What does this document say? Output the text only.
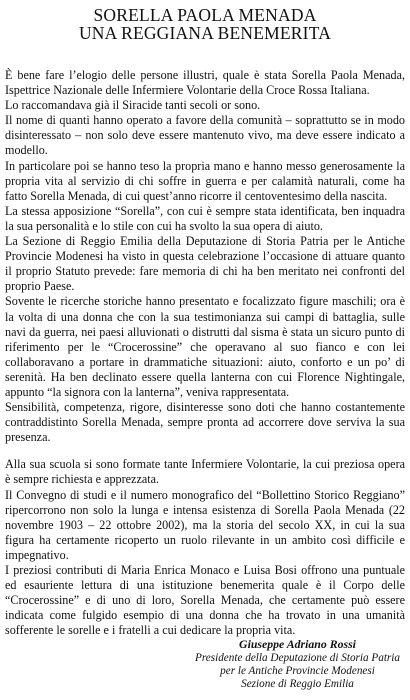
SORELLA PAOLA MENADA
UNA REGGIANA BENEMERITA

È bene fare l’elogio delle persone illustri, quale è stata Sorella Paola Menada, Ispettrice Nazionale delle Infermiere Volontarie della Croce Rossa Italiana.

Lo raccomandava già il Siracide tanti secoli or sono.

Il nome di quanti hanno operato a favore della comunità – soprattutto se in modo disinteressato – non solo deve essere mantenuto vivo, ma deve essere indicato a modello.

In particolare poi se hanno teso la propria mano e hanno messo generosamente la propria vita al servizio di chi soffre in guerra e per calamità naturali, come ha fatto Sorella Menada, di cui quest’anno ricorre il centoventesimo della nascita.

La stessa apposizione “Sorella”, con cui è sempre stata identificata, ben inquadra la sua personalità e lo stile con cui ha svolto la sua opera di aiuto.

La Sezione di Reggio Emilia della Deputazione di Storia Patria per le Antiche Provincie Modenesi ha visto in questa celebrazione l’occasione di attuare quanto il proprio Statuto prevede: fare memoria di chi ha ben meritato nei confronti del proprio Paese.

Sovente le ricerche storiche hanno presentato e focalizzato figure maschili; ora è la volta di una donna che con la sua testimonianza sui campi di battaglia, sulle navi da guerra, nei paesi alluvionati o distrutti dal sisma è stata un sicuro punto di riferimento per le “Crocerossine” che operavano al suo fianco e con lei collaboravano a portare in drammatiche situazioni: aiuto, conforto e un po’ di serenità. Ha ben declinato essere quella lanterna con cui Florence Nightingale, appunto “la signora con la lanterna”, veniva rappresentata.

Sensibilità, competenza, rigore, disinteresse sono doti che hanno costantemente contraddistinto Sorella Menada, sempre pronta ad accorrere dove serviva la sua presenza.

Alla sua scuola si sono formate tante Infermiere Volontarie, la cui preziosa opera è sempre richiesta e apprezzata.

Il Convegno di studi e il numero monografico del “Bollettino Storico Reggiano” ripercorrono non solo la lunga e intensa esistenza di Sorella Paola Menada (22 novembre 1903 – 22 ottobre 2002), ma la storia del secolo XX, in cui la sua figura ha certamente ricoperto un ruolo rilevante in un ambito così difficile e impegnativo.

I preziosi contributi di Maria Enrica Monaco e Luisa Bosi offrono una puntuale ed esauriente lettura di una istituzione benemerita quale è il Corpo delle “Crocerossine” e di uno di loro, Sorella Menada, che certamente può essere indicata come fulgido esempio di una donna che ha trovato in una umanità sofferente le sorelle e i fratelli a cui dedicare la propria vita.

Giuseppe Adriano Rossi
Presidente della Deputazione di Storia Patria
per le Antiche Provincie Modenesi
Sezione di Reggio Emilia
